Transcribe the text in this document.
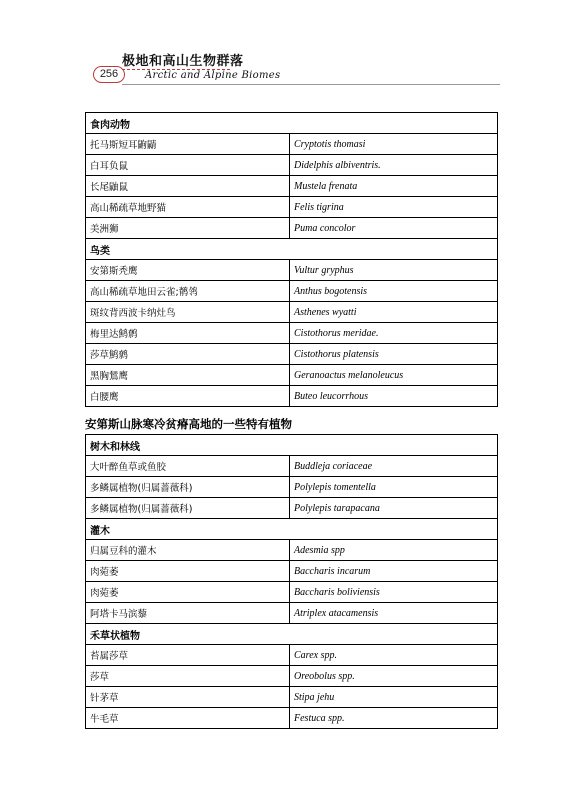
256
极地和高山生物群落
Arctic and Alpine Biomes
食肉动物	
托马斯短耳鼩鼱	Cryptotis thomasi
白耳负鼠	Didelphis albiventris.
长尾鼬鼠	Mustela frenata
高山稀疏草地野猫	Felis tigrina
美洲狮	Puma concolor
鸟类	
安第斯秃鹰	Vultur gryphus
高山稀疏草地田云雀;鹡鸰	Anthus bogotensis
斑纹背西波卡纳灶鸟	Asthenes wyatti
梅里达鹪鹩	Cistothorus meridae.
莎草鹪鹩	Cistothorus platensis
黑胸鵟鹰	Geranoactus melanoleucus
白腰鹰	Buteo leucorrhous
安第斯山脉寒冷贫瘠高地的一些特有植物
树木和林线	
大叶醉鱼草或鱼胶	Buddleja coriaceae
多鳞属植物(归属蔷薇科)	Polylepis tomentella
多鳞属植物(归属蔷薇科)	Polylepis tarapacana
灌木	
归属豆科的灌木	Adesmia spp
肉菀萎	Baccharis incarum
肉菀萎	Baccharis boliviensis
阿塔卡马滨藜	Atriplex atacamensis
禾草状植物	
苔属莎草	Carex spp.
莎草	Oreobolus spp.
针茅草	Stipa jehu
牛毛草	Festuca spp.
